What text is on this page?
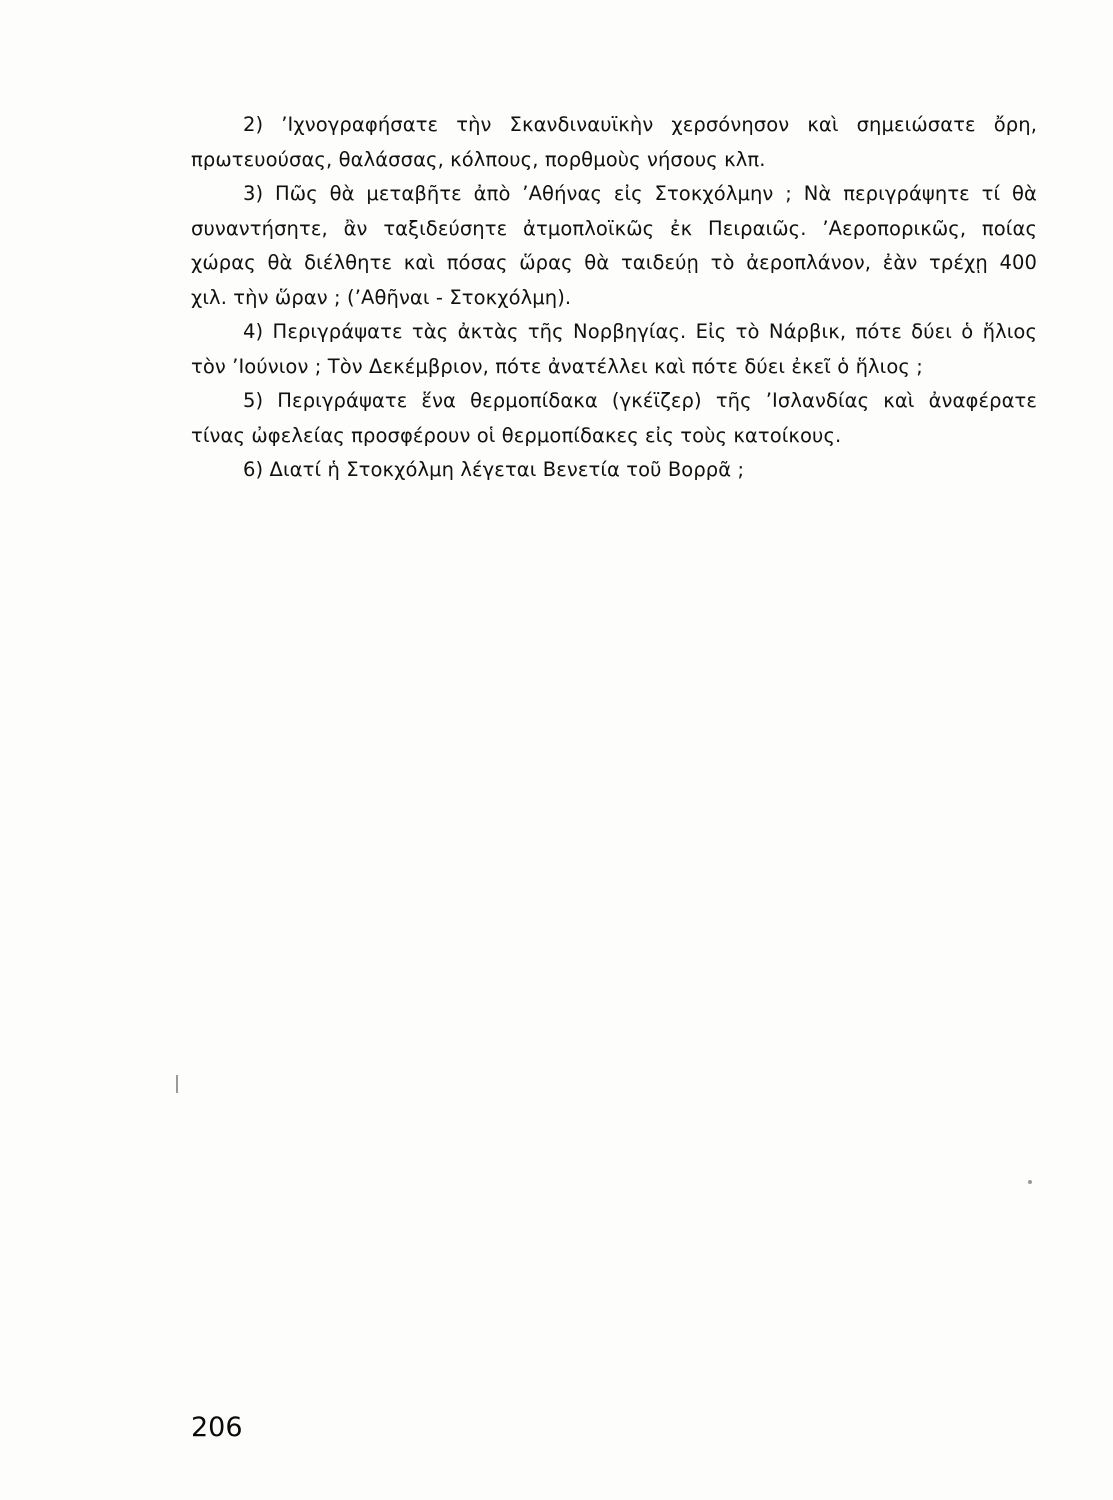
2) ’Ιχνογραφήσατε τὴν Σκανδιναυϊκὴν χερσόνησον καὶ σημειώσατε ὄρη,
πρωτευούσας, θαλάσσας, κόλπους, πορθμοὺς νήσους κλπ.
3) Πῶς θὰ μεταβῆτε ἀπὸ ’Αθήνας εἰς Στοκχόλμην ; Νὰ περιγράψητε τί θὰ
συναντήσητε, ἂν ταξιδεύσητε ἀτμοπλοϊκῶς ἐκ Πειραιῶς. ’Αεροπορικῶς, ποίας
χώρας θὰ διέλθητε καὶ πόσας ὥρας θὰ ταιδεύῃ τὸ ἀεροπλάνον, ἐὰν τρέχῃ 400
χιλ. τὴν ὥραν ; (’Αθῆναι - Στοκχόλμη).
4) Περιγράψατε τὰς ἀκτὰς τῆς Νορβηγίας. Εἰς τὸ Νάρβικ, πότε δύει ὁ ἥλιος
τὸν ’Ιούνιον ; Τὸν Δεκέμβριον, πότε ἀνατέλλει καὶ πότε δύει ἐκεῖ ὁ ἥλιος ;
5) Περιγράψατε ἕνα θερμοπίδακα (γκέϊζερ) τῆς ’Ισλανδίας καὶ ἀναφέρατε
τίνας ὠφελείας προσφέρουν οἱ θερμοπίδακες εἰς τοὺς κατοίκους.
6) Διατί ἡ Στοκχόλμη λέγεται Βενετία τοῦ Βορρᾶ ;
206
